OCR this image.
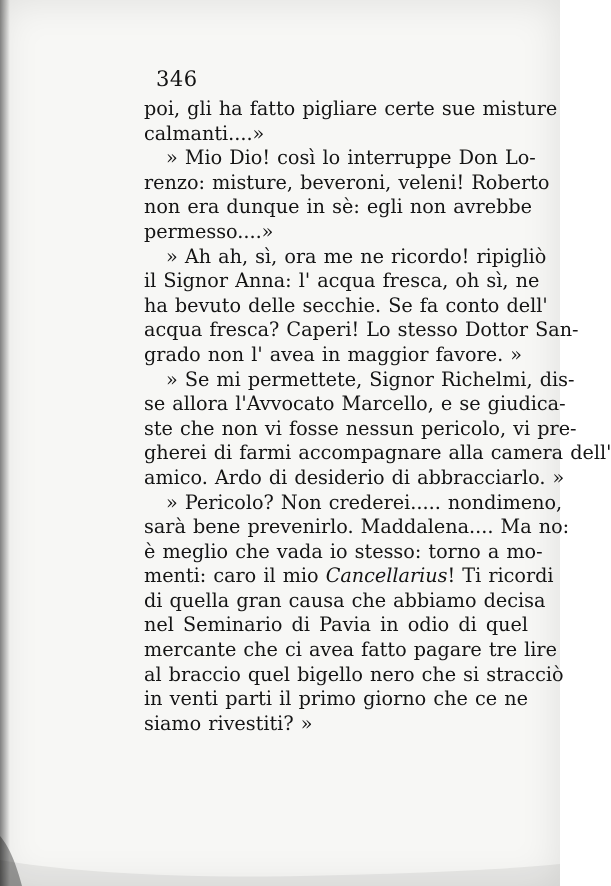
346
poi, gli ha fatto pigliare certe sue misture
calmanti....»
» Mio Dio! così lo interruppe Don Lo-
renzo: misture, beveroni, veleni! Roberto
non era dunque in sè: egli non avrebbe
permesso....»
» Ah ah, sì, ora me ne ricordo! ripigliò
il Signor Anna: l' acqua fresca, oh sì, ne
ha bevuto delle secchie. Se fa conto dell'
acqua fresca? Caperi! Lo stesso Dottor San-
grado non l' avea in maggior favore. »
» Se mi permettete, Signor Richelmi, dis-
se allora l'Avvocato Marcello, e se giudica-
ste che non vi fosse nessun pericolo, vi pre-
gherei di farmi accompagnare alla camera dell'
amico. Ardo di desiderio di abbracciarlo. »
» Pericolo? Non crederei..... nondimeno,
sarà bene prevenirlo. Maddalena.... Ma no:
è meglio che vada io stesso: torno a mo-
menti: caro il mio Cancellarius! Ti ricordi
di quella gran causa che abbiamo decisa
nel Seminario di Pavia in odio di quel
mercante che ci avea fatto pagare tre lire
al braccio quel bigello nero che si stracciò
in venti parti il primo giorno che ce ne
siamo rivestiti? »
